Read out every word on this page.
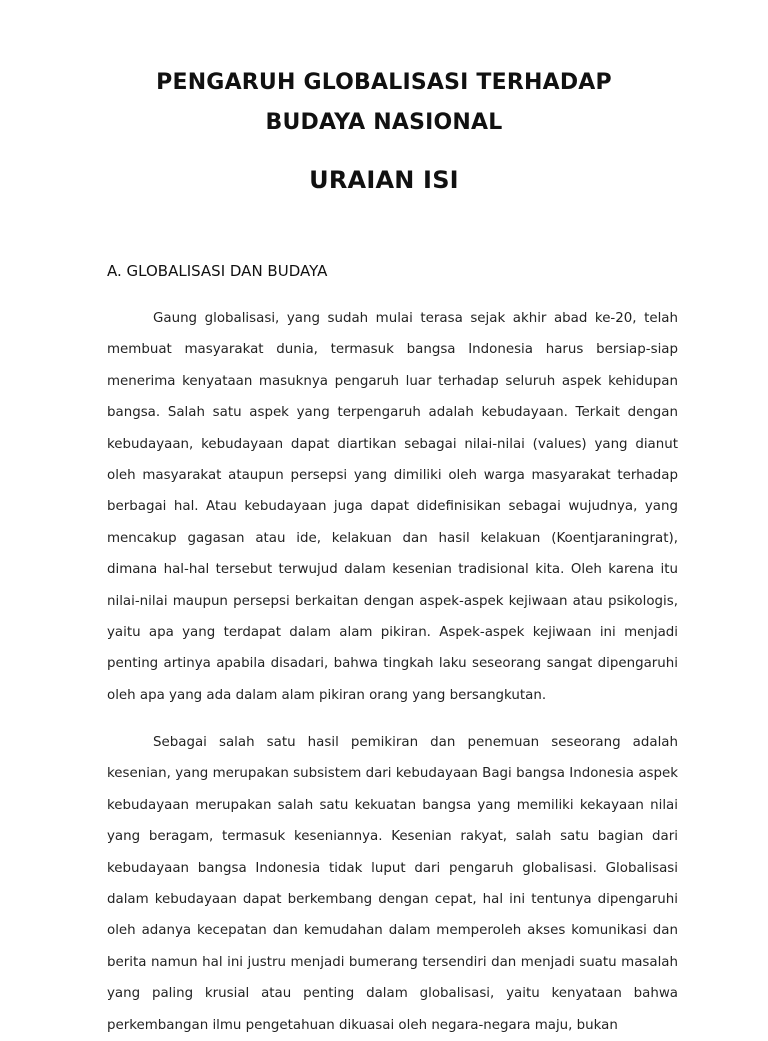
PENGARUH GLOBALISASI TERHADAP
BUDAYA NASIONAL
URAIAN ISI
A. GLOBALISASI DAN BUDAYA

Gaung globalisasi, yang sudah mulai terasa sejak akhir abad ke-20, telah membuat masyarakat dunia, termasuk bangsa Indonesia harus bersiap-siap menerima kenyataan masuknya pengaruh luar terhadap seluruh aspek kehidupan bangsa. Salah satu aspek yang terpengaruh adalah kebudayaan. Terkait dengan kebudayaan, kebudayaan dapat diartikan sebagai nilai-nilai (values) yang dianut oleh masyarakat ataupun persepsi yang dimiliki oleh warga masyarakat terhadap berbagai hal. Atau kebudayaan juga dapat didefinisikan sebagai wujudnya, yang mencakup gagasan atau ide, kelakuan dan hasil kelakuan (Koentjaraningrat), dimana hal-hal tersebut terwujud dalam kesenian tradisional kita. Oleh karena itu nilai-nilai maupun persepsi berkaitan dengan aspek-aspek kejiwaan atau psikologis, yaitu apa yang terdapat dalam alam pikiran. Aspek-aspek kejiwaan ini menjadi penting artinya apabila disadari, bahwa tingkah laku seseorang sangat dipengaruhi oleh apa yang ada dalam alam pikiran orang yang bersangkutan.

Sebagai salah satu hasil pemikiran dan penemuan seseorang adalah kesenian, yang merupakan subsistem dari kebudayaan Bagi bangsa Indonesia aspek kebudayaan merupakan salah satu kekuatan bangsa yang memiliki kekayaan nilai yang beragam, termasuk keseniannya. Kesenian rakyat, salah satu bagian dari kebudayaan bangsa Indonesia tidak luput dari pengaruh globalisasi. Globalisasi dalam kebudayaan dapat berkembang dengan cepat, hal ini tentunya dipengaruhi oleh adanya kecepatan dan kemudahan dalam memperoleh akses komunikasi dan berita namun hal ini justru menjadi bumerang tersendiri dan menjadi suatu masalah yang paling krusial atau penting dalam globalisasi, yaitu kenyataan bahwa perkembangan ilmu pengetahuan dikuasai oleh negara-negara maju, bukan
